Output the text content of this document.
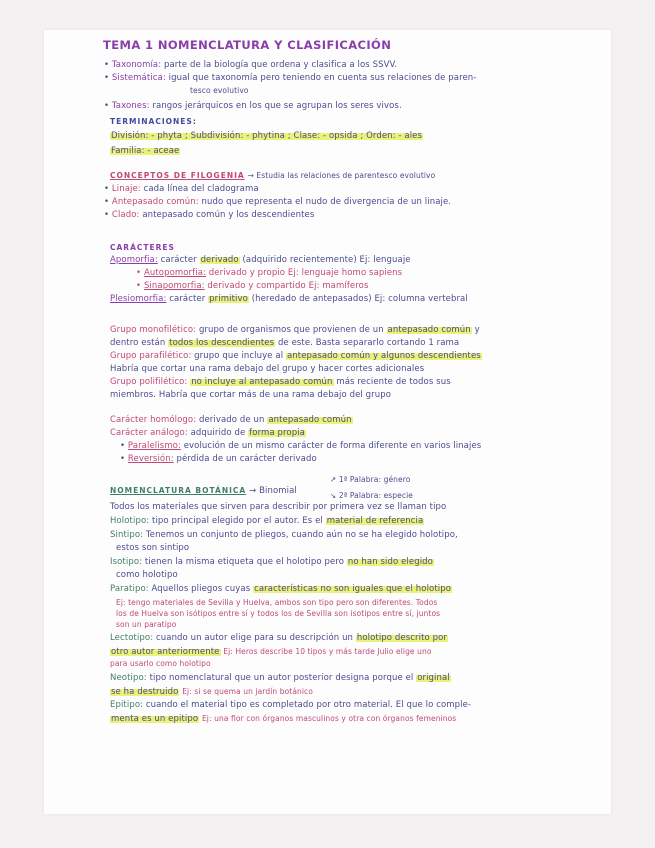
TEMA 1 NOMENCLATURA Y CLASIFICACIÓN
• Taxonomía: parte de la biología que ordena y clasifica a los SSVV.
• Sistemática: igual que taxonomía pero teniendo en cuenta sus relaciones de paren-
tesco evolutivo
• Taxones: rangos jerárquicos en los que se agrupan los seres vivos.
TERMINACIONES:
División: - phyta ; Subdivisión: - phytina ; Clase: - opsida ; Orden: - ales
Familia: - aceae
CONCEPTOS DE FILOGENIA → Estudia las relaciones de parentesco evolutivo
• Linaje: cada línea del cladograma
• Antepasado común: nudo que representa el nudo de divergencia de un linaje.
• Clado: antepasado común y los descendientes
CARÁCTERES
Apomorfia: carácter derivado (adquirido recientemente) Ej: lenguaje
• Autopomorfia: derivado y propio Ej: lenguaje homo sapiens
• Sinapomorfia: derivado y compartido Ej: mamíferos
Plesiomorfia: carácter primitivo (heredado de antepasados) Ej: columna vertebral
Grupo monofilético: grupo de organismos que provienen de un antepasado común y
dentro están todos los descendientes de este. Basta separarlo cortando 1 rama
Grupo parafilético: grupo que incluye al antepasado común y algunos descendientes
Habría que cortar una rama debajo del grupo y hacer cortes adicionales
Grupo polifilético: no incluye al antepasado común más reciente de todos sus
miembros. Habría que cortar más de una rama debajo del grupo
Carácter homólogo: derivado de un antepasado común
Carácter análogo: adquirido de forma propia
• Paralelismo: evolución de un mismo carácter de forma diferente en varios linajes
• Reversión: pérdida de un carácter derivado
↗ 1ª Palabra: género
NOMENCLATURA BOTÁNICA → Binomial	↘ 2ª Palabra: especie
Todos los materiales que sirven para describir por primera vez se llaman tipo
Holotipo: tipo principal elegido por el autor. Es el material de referencia
Sintipo: Tenemos un conjunto de pliegos, cuando aún no se ha elegido holotipo,
estos son sintipo
Isotipo: tienen la misma etiqueta que el holotipo pero no han sido elegido
como holotipo
Paratipo: Aquellos pliegos cuyas características no son iguales que el holotipo
Ej: tengo materiales de Sevilla y Huelva, ambos son tipo pero son diferentes. Todos
los de Huelva son isótipos entre sí y todos los de Sevilla son isotipos entre sí, juntos
son un paratipo
Lectotipo: cuando un autor elige para su descripción un holotipo descrito por
otro autor anteriormente Ej: Heros describe 10 tipos y más tarde Julio elige uno
para usarlo como holotipo
Neotipo: tipo nomenclatural que un autor posterior designa porque el original
se ha destruido Ej: si se quema un jardín botánico
Epitipo: cuando el material tipo es completado por otro material. El que lo comple-
menta es un epitipo Ej: una flor con órganos masculinos y otra con órganos femeninos
